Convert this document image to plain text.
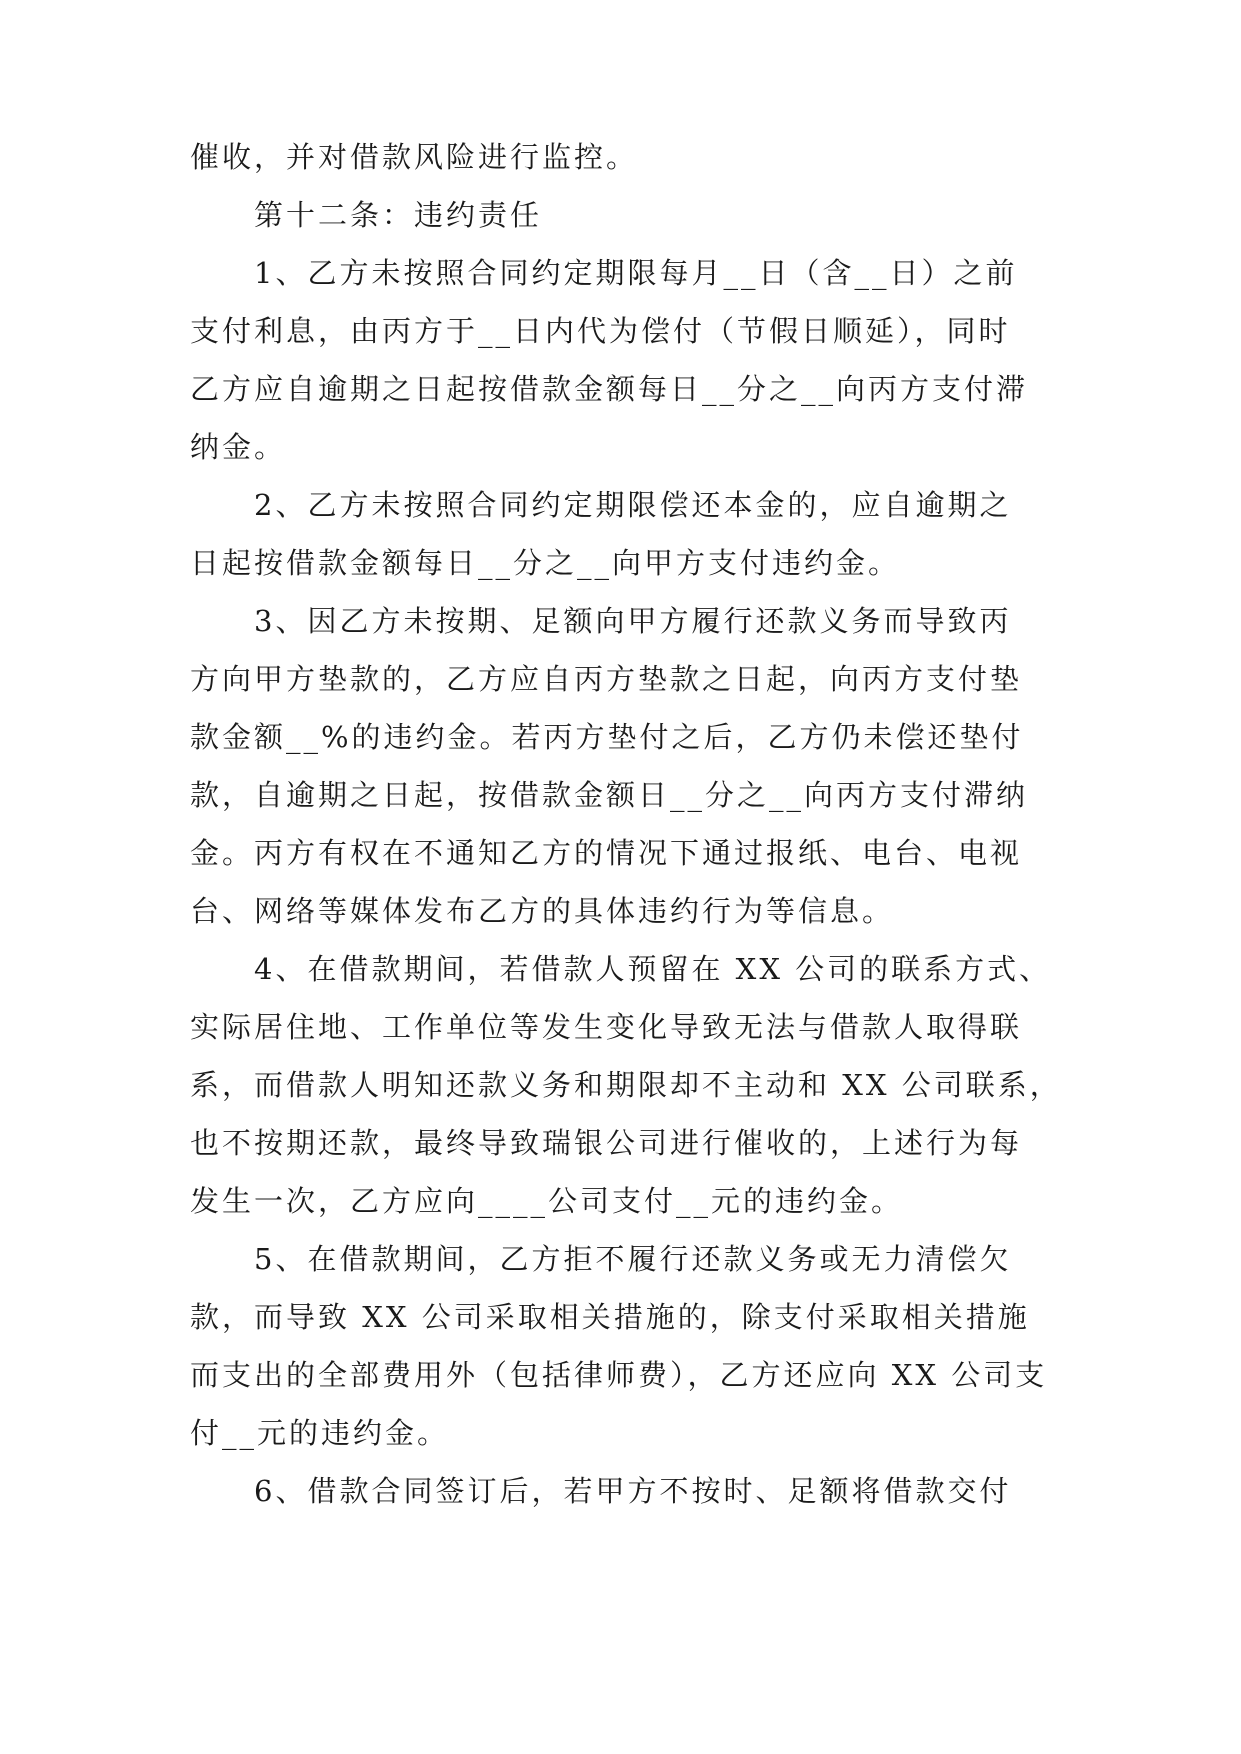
催收，并对借款风险进行监控。
第十二条：违约责任
1、乙方未按照合同约定期限每月__日（含__日）之前
支付利息，由丙方于__日内代为偿付（节假日顺延），同时
乙方应自逾期之日起按借款金额每日__分之__向丙方支付滞
纳金。
2、乙方未按照合同约定期限偿还本金的，应自逾期之
日起按借款金额每日__分之__向甲方支付违约金。
3、因乙方未按期、足额向甲方履行还款义务而导致丙
方向甲方垫款的，乙方应自丙方垫款之日起，向丙方支付垫
款金额__%的违约金。若丙方垫付之后，乙方仍未偿还垫付
款，自逾期之日起，按借款金额日__分之__向丙方支付滞纳
金。丙方有权在不通知乙方的情况下通过报纸、电台、电视
台、网络等媒体发布乙方的具体违约行为等信息。
4、在借款期间，若借款人预留在 XX 公司的联系方式、
实际居住地、工作单位等发生变化导致无法与借款人取得联
系，而借款人明知还款义务和期限却不主动和 XX 公司联系，
也不按期还款，最终导致瑞银公司进行催收的，上述行为每
发生一次，乙方应向____公司支付__元的违约金。
5、在借款期间，乙方拒不履行还款义务或无力清偿欠
款，而导致 XX 公司采取相关措施的，除支付采取相关措施
而支出的全部费用外（包括律师费），乙方还应向 XX 公司支
付__元的违约金。
6、借款合同签订后，若甲方不按时、足额将借款交付
